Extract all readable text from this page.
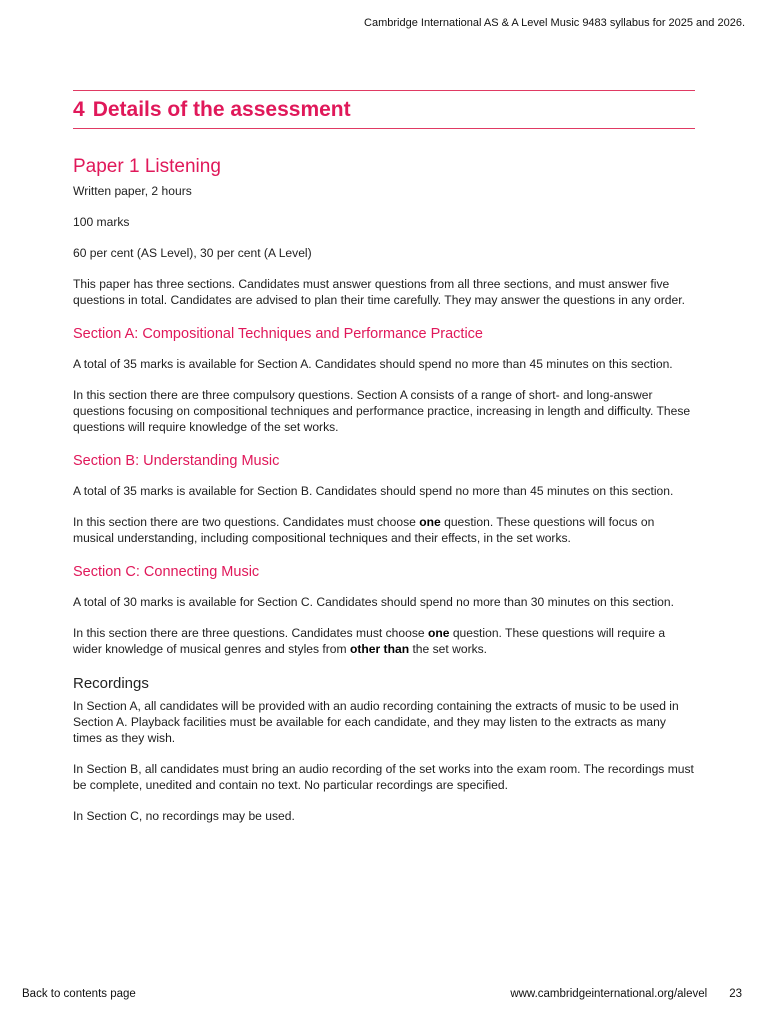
Cambridge International AS & A Level Music 9483 syllabus for 2025 and 2026.
4 Details of the assessment
Paper 1 Listening

Written paper, 2 hours

100 marks

60 per cent (AS Level), 30 per cent (A Level)

This paper has three sections. Candidates must answer questions from all three sections, and must answer five questions in total. Candidates are advised to plan their time carefully. They may answer the questions in any order.

Section A: Compositional Techniques and Performance Practice

A total of 35 marks is available for Section A. Candidates should spend no more than 45 minutes on this section.

In this section there are three compulsory questions. Section A consists of a range of short- and long-answer questions focusing on compositional techniques and performance practice, increasing in length and difficulty. These questions will require knowledge of the set works.

Section B: Understanding Music

A total of 35 marks is available for Section B. Candidates should spend no more than 45 minutes on this section.

In this section there are two questions. Candidates must choose one question. These questions will focus on musical understanding, including compositional techniques and their effects, in the set works.

Section C: Connecting Music

A total of 30 marks is available for Section C. Candidates should spend no more than 30 minutes on this section.

In this section there are three questions. Candidates must choose one question. These questions will require a wider knowledge of musical genres and styles from other than the set works.

Recordings

In Section A, all candidates will be provided with an audio recording containing the extracts of music to be used in Section A. Playback facilities must be available for each candidate, and they may listen to the extracts as many times as they wish.

In Section B, all candidates must bring an audio recording of the set works into the exam room. The recordings must be complete, unedited and contain no text. No particular recordings are specified.

In Section C, no recordings may be used.

Back to contents page	www.cambridgeinternational.org/alevel 23
